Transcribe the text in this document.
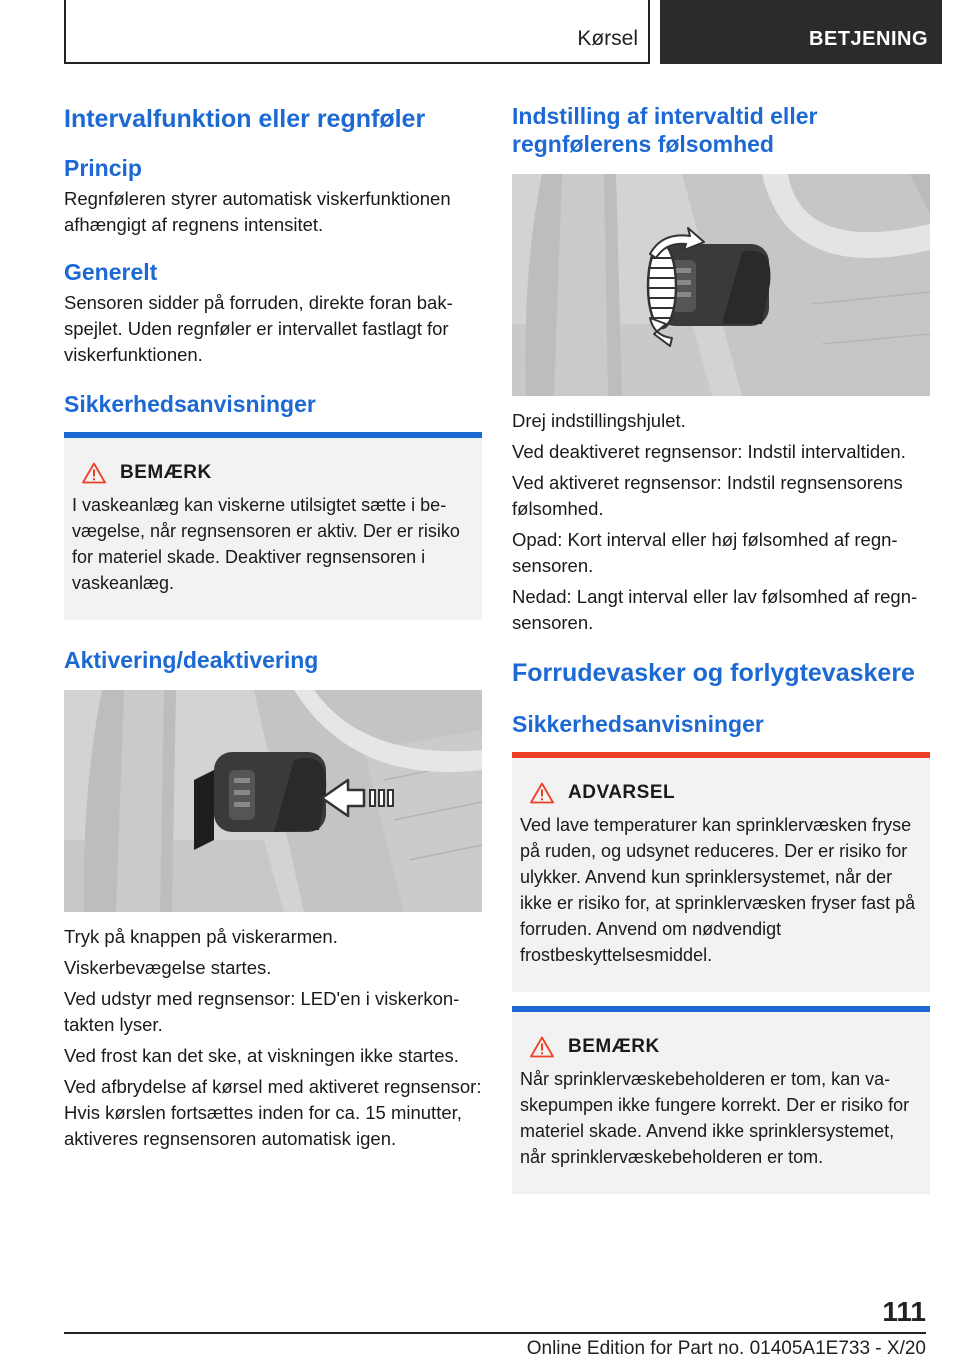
Kørsel	BETJENING
Intervalfunktion eller regnføler
Princip

Regnføleren styrer automatisk viskerfunktionen afhængigt af regnens intensitet.

Generelt

Sensoren sidder på forruden, direkte foran bakspejlet. Uden regnføler er intervallet fastlagt for viskerfunktionen.

Sikkerhedsanvisninger
BEMÆRK

I vaskeanlæg kan viskerne utilsigtet sætte i bevægelse, når regnsensoren er aktiv. Der er risiko for materiel skade. Deaktiver regnsensoren i vaskeanlæg.

Aktivering/deaktivering

Tryk på knappen på viskerarmen.

Viskerbevægelse startes.

Ved udstyr med regnsensor: LED'en i viskerkontakten lyser.

Ved frost kan det ske, at viskningen ikke startes.

Ved afbrydelse af kørsel med aktiveret regnsensor: Hvis kørslen fortsættes inden for ca. 15 minutter, aktiveres regnsensoren automatisk igen.

Indstilling af intervaltid eller regnfølerens følsomhed

Drej indstillingshjulet.

Ved deaktiveret regnsensor: Indstil intervaltiden.

Ved aktiveret regnsensor: Indstil regnsensorens følsomhed.

Opad: Kort interval eller høj følsomhed af regnsensoren.

Nedad: Langt interval eller lav følsomhed af regnsensoren.

Forrudevasker og forlygtevaskere
Sikkerhedsanvisninger
ADVARSEL

Ved lave temperaturer kan sprinklervæsken fryse på ruden, og udsynet reduceres. Der er risiko for ulykker. Anvend kun sprinklersystemet, når der ikke er risiko for, at sprinklervæsken fryser fast på forruden. Anvend om nødvendigt frostbeskyttelsesmiddel.

BEMÆRK

Når sprinklervæskebeholderen er tom, kan vaskepumpen ikke fungere korrekt. Der er risiko for materiel skade. Anvend ikke sprinklersystemet, når sprinklervæskebeholderen er tom.

111
Online Edition for Part no. 01405A1E733 - X/20
